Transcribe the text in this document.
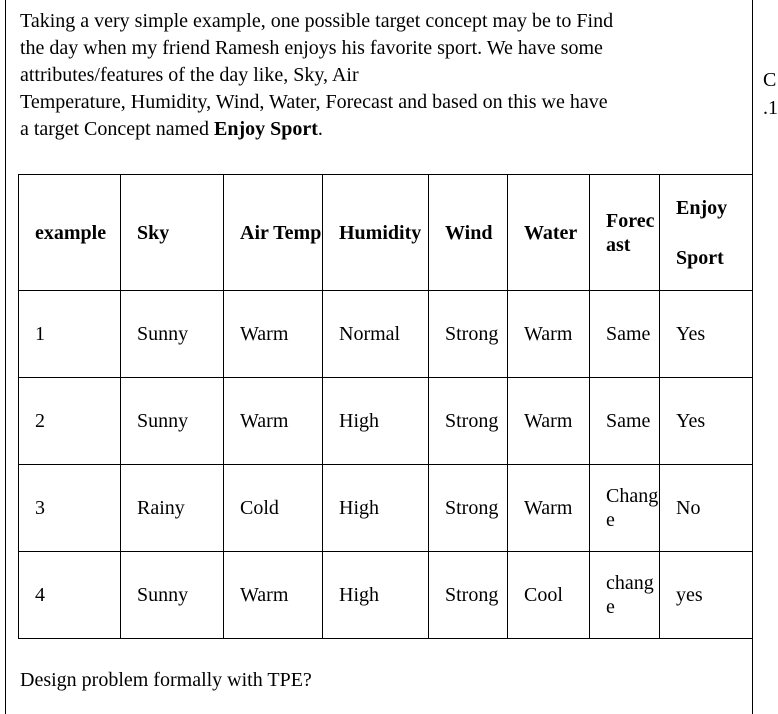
Taking a very simple example, one possible target concept may be to Find
the day when my friend Ramesh enjoys his favorite sport. We have some
attributes/features of the day like, Sky, Air
Temperature, Humidity, Wind, Water, Forecast and based on this we have
a target Concept named Enjoy Sport.
C
.1
example	Sky	Air Temp	Humidity	Wind	Water	Forecast	Enjoy
Sport

1	Sunny	Warm	Normal	Strong	Warm	Same	Yes
2	Sunny	Warm	High	Strong	Warm	Same	Yes
3	Rainy	Cold	High	Strong	Warm	Change	No
4	Sunny	Warm	High	Strong	Cool	change	yes
Design problem formally with TPE?
